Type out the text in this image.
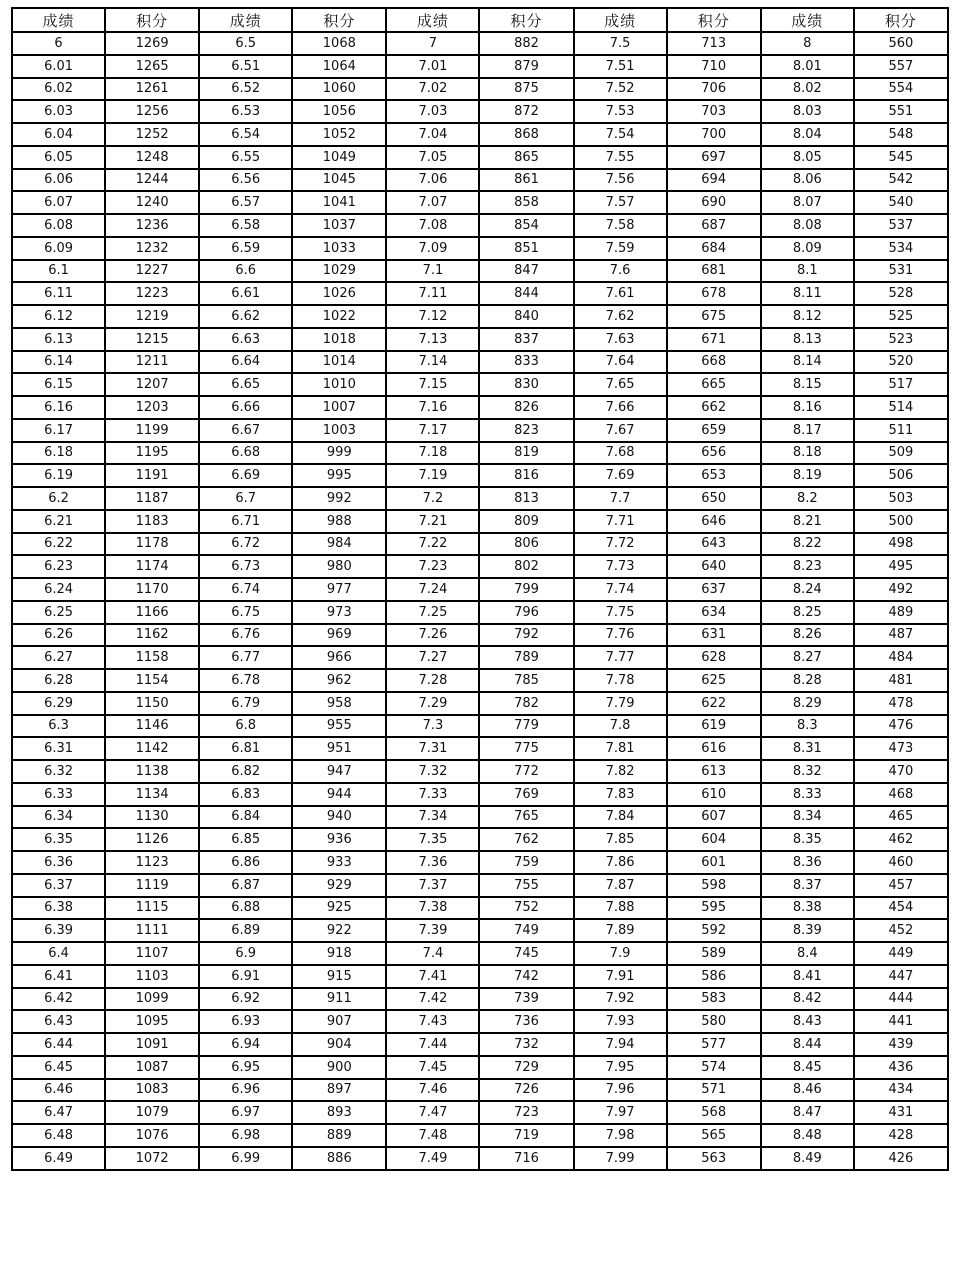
成绩	积分	成绩	积分	成绩	积分	成绩	积分	成绩	积分
6	1269	6.5	1068	7	882	7.5	713	8	560
6.01	1265	6.51	1064	7.01	879	7.51	710	8.01	557
6.02	1261	6.52	1060	7.02	875	7.52	706	8.02	554
6.03	1256	6.53	1056	7.03	872	7.53	703	8.03	551
6.04	1252	6.54	1052	7.04	868	7.54	700	8.04	548
6.05	1248	6.55	1049	7.05	865	7.55	697	8.05	545
6.06	1244	6.56	1045	7.06	861	7.56	694	8.06	542
6.07	1240	6.57	1041	7.07	858	7.57	690	8.07	540
6.08	1236	6.58	1037	7.08	854	7.58	687	8.08	537
6.09	1232	6.59	1033	7.09	851	7.59	684	8.09	534
6.1	1227	6.6	1029	7.1	847	7.6	681	8.1	531
6.11	1223	6.61	1026	7.11	844	7.61	678	8.11	528
6.12	1219	6.62	1022	7.12	840	7.62	675	8.12	525
6.13	1215	6.63	1018	7.13	837	7.63	671	8.13	523
6.14	1211	6.64	1014	7.14	833	7.64	668	8.14	520
6.15	1207	6.65	1010	7.15	830	7.65	665	8.15	517
6.16	1203	6.66	1007	7.16	826	7.66	662	8.16	514
6.17	1199	6.67	1003	7.17	823	7.67	659	8.17	511
6.18	1195	6.68	999	7.18	819	7.68	656	8.18	509
6.19	1191	6.69	995	7.19	816	7.69	653	8.19	506
6.2	1187	6.7	992	7.2	813	7.7	650	8.2	503
6.21	1183	6.71	988	7.21	809	7.71	646	8.21	500
6.22	1178	6.72	984	7.22	806	7.72	643	8.22	498
6.23	1174	6.73	980	7.23	802	7.73	640	8.23	495
6.24	1170	6.74	977	7.24	799	7.74	637	8.24	492
6.25	1166	6.75	973	7.25	796	7.75	634	8.25	489
6.26	1162	6.76	969	7.26	792	7.76	631	8.26	487
6.27	1158	6.77	966	7.27	789	7.77	628	8.27	484
6.28	1154	6.78	962	7.28	785	7.78	625	8.28	481
6.29	1150	6.79	958	7.29	782	7.79	622	8.29	478
6.3	1146	6.8	955	7.3	779	7.8	619	8.3	476
6.31	1142	6.81	951	7.31	775	7.81	616	8.31	473
6.32	1138	6.82	947	7.32	772	7.82	613	8.32	470
6.33	1134	6.83	944	7.33	769	7.83	610	8.33	468
6.34	1130	6.84	940	7.34	765	7.84	607	8.34	465
6.35	1126	6.85	936	7.35	762	7.85	604	8.35	462
6.36	1123	6.86	933	7.36	759	7.86	601	8.36	460
6.37	1119	6.87	929	7.37	755	7.87	598	8.37	457
6.38	1115	6.88	925	7.38	752	7.88	595	8.38	454
6.39	1111	6.89	922	7.39	749	7.89	592	8.39	452
6.4	1107	6.9	918	7.4	745	7.9	589	8.4	449
6.41	1103	6.91	915	7.41	742	7.91	586	8.41	447
6.42	1099	6.92	911	7.42	739	7.92	583	8.42	444
6.43	1095	6.93	907	7.43	736	7.93	580	8.43	441
6.44	1091	6.94	904	7.44	732	7.94	577	8.44	439
6.45	1087	6.95	900	7.45	729	7.95	574	8.45	436
6.46	1083	6.96	897	7.46	726	7.96	571	8.46	434
6.47	1079	6.97	893	7.47	723	7.97	568	8.47	431
6.48	1076	6.98	889	7.48	719	7.98	565	8.48	428
6.49	1072	6.99	886	7.49	716	7.99	563	8.49	426
